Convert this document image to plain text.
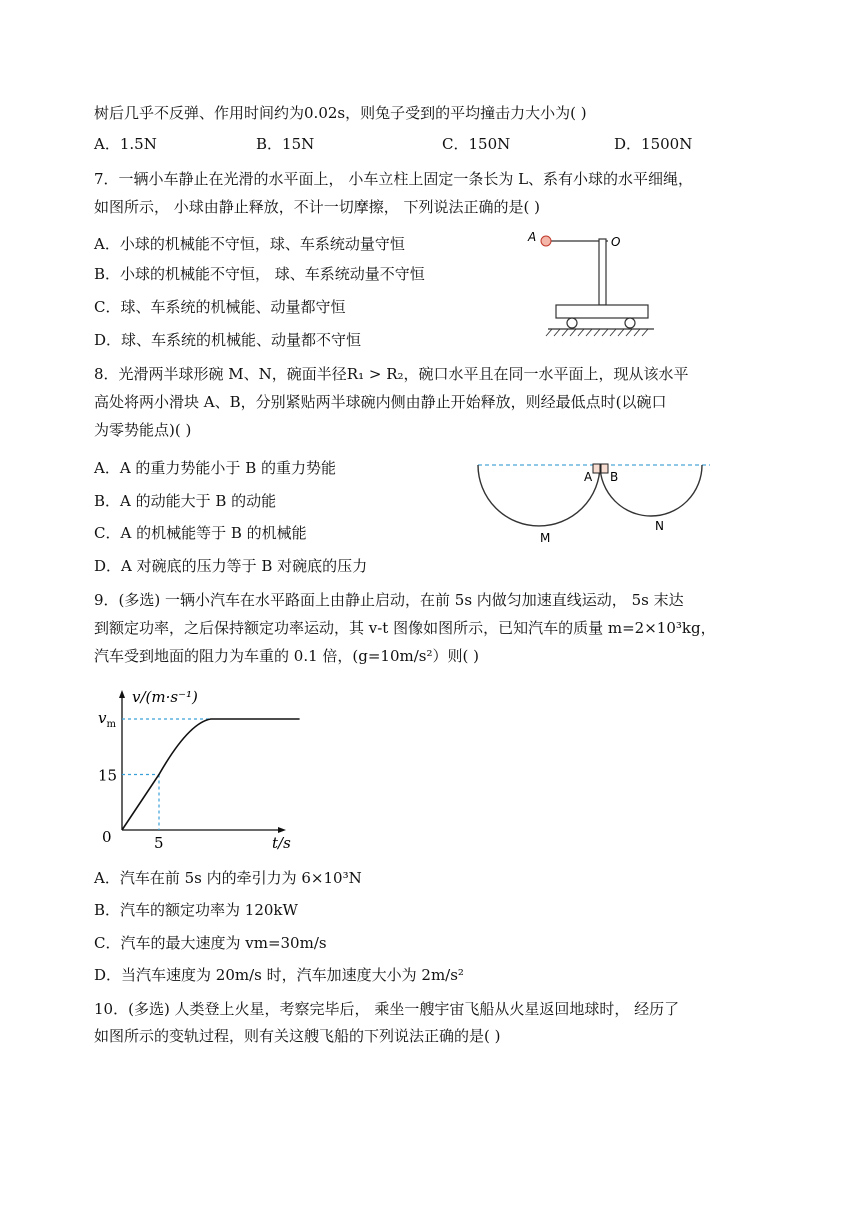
树后几乎不反弹、作用时间约为0.02s，则兔子受到的平均撞击力大小为( )
A．1.5N	B．15N	C．150N	D．1500N
7．一辆小车静止在光滑的水平面上， 小车立柱上固定一条长为 L、系有小球的水平细绳，
如图所示， 小球由静止释放，不计一切摩擦， 下列说法正确的是( )
A．小球的机械能不守恒，球、车系统动量守恒
B．小球的机械能不守恒， 球、车系统动量不守恒
C．球、车系统的机械能、动量都守恒
D．球、车系统的机械能、动量都不守恒
A	O
8．光滑两半球形碗 M、N，碗面半径R₁ > R₂，碗口水平且在同一水平面上，现从该水平
高处将两小滑块 A、B，分别紧贴两半球碗内侧由静止开始释放，则经最低点时(以碗口
为零势能点)( )
A．A 的重力势能小于 B 的重力势能
B．A 的动能大于 B 的动能
C．A 的机械能等于 B 的机械能
D．A 对碗底的压力等于 B 对碗底的压力
A B
M
N
9．(多选) 一辆小汽车在水平路面上由静止启动，在前 5s 内做匀加速直线运动， 5s 末达
到额定功率，之后保持额定功率运动，其 v-t 图像如图所示，已知汽车的质量 m=2×10³kg，
汽车受到地面的阻力为车重的 0.1 倍，(g=10m/s²）则( )
v/(m·s⁻¹)
t/s
0	5
15
$v_m$
A．汽车在前 5s 内的牵引力为 6×10³N
B．汽车的额定功率为 120kW
C．汽车的最大速度为 vm=30m/s
D．当汽车速度为 20m/s 时，汽车加速度大小为 2m/s²
10．(多选) 人类登上火星，考察完毕后， 乘坐一艘宇宙飞船从火星返回地球时， 经历了
如图所示的变轨过程，则有关这艘飞船的下列说法正确的是( )
